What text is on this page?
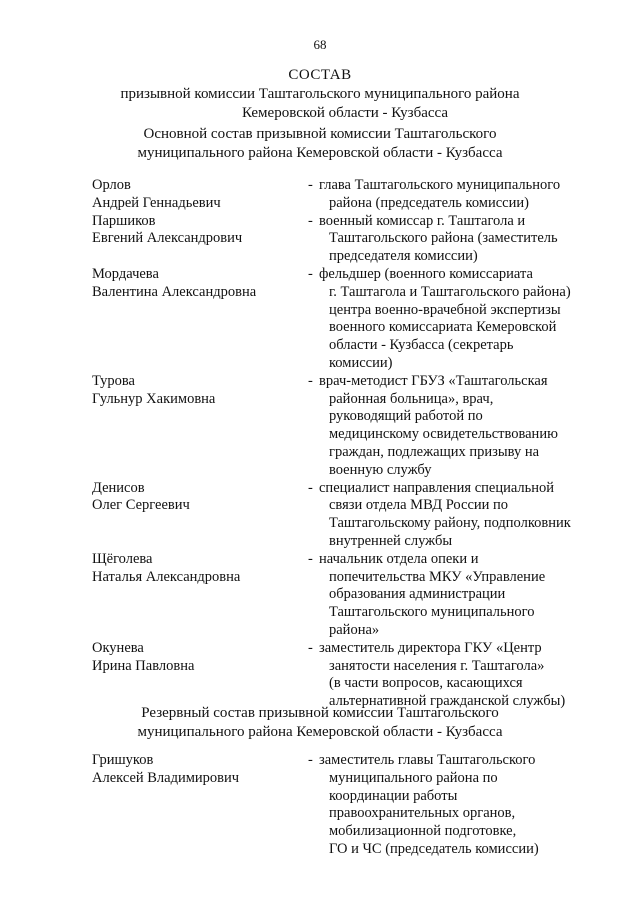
68
СОСТАВ
призывной комиссии Таштагольского муниципального района
Кемеровской области - Кузбасса
Основной состав призывной комиссии Таштагольского
муниципального района Кемеровской области - Кузбасса
Орлов
Андрей Геннадьевич
- глава Таштагольского муниципального
района (председатель комиссии)
Паршиков
Евгений Александрович
- военный комиссар г. Таштагола и
Таштагольского района (заместитель
председателя комиссии)
Мордачева
Валентина Александровна
- фельдшер (военного комиссариата
г. Таштагола и Таштагольского района)
центра военно-врачебной экспертизы
военного комиссариата Кемеровской
области - Кузбасса (секретарь
комиссии)
Турова
Гульнур Хакимовна
- врач-методист ГБУЗ «Таштагольская
районная больница», врач,
руководящий работой по
медицинскому освидетельствованию
граждан, подлежащих призыву на
военную службу
Денисов
Олег Сергеевич
- специалист направления специальной
связи отдела МВД России по
Таштагольскому району, подполковник
внутренней службы
Щёголева
Наталья Александровна
- начальник отдела опеки и
попечительства МКУ «Управление
образования администрации
Таштагольского муниципального
района»
Окунева
Ирина Павловна
- заместитель директора ГКУ «Центр
занятости населения г. Таштагола»
(в части вопросов, касающихся
альтернативной гражданской службы)
Резервный состав призывной комиссии Таштагольского
муниципального района Кемеровской области - Кузбасса
Гришуков
Алексей Владимирович
- заместитель главы Таштагольского
муниципального района по
координации работы
правоохранительных органов,
мобилизационной подготовке,
ГО и ЧС (председатель комиссии)
